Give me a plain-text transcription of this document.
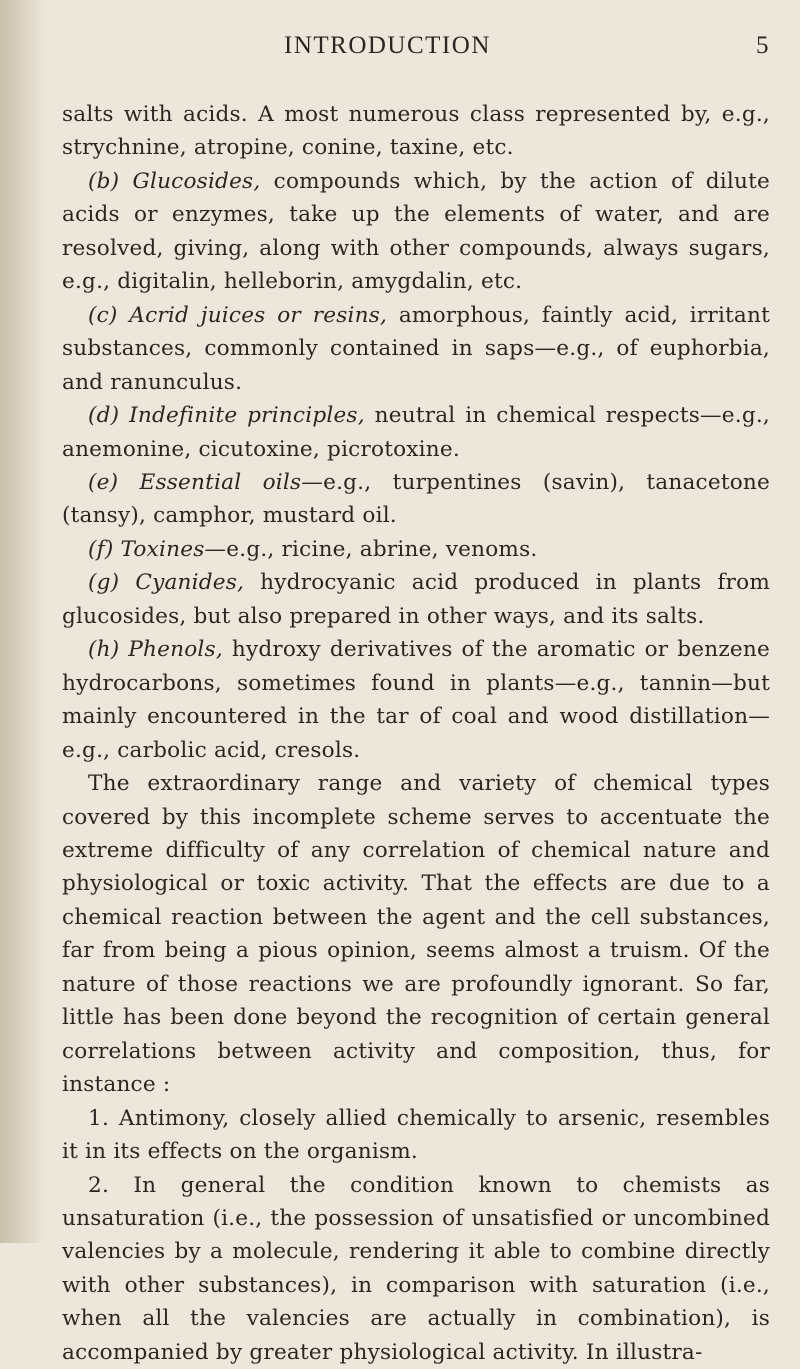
INTRODUCTION	5

salts with acids. A most numerous class represented by, e.g., strychnine, atropine, conine, taxine, etc.

(b) Glucosides, compounds which, by the action of dilute acids or enzymes, take up the elements of water, and are resolved, giving, along with other compounds, always sugars, e.g., digitalin, helleborin, amygdalin, etc.

(c) Acrid juices or resins, amorphous, faintly acid, irritant substances, commonly contained in saps—e.g., of euphorbia, and ranunculus.

(d) Indefinite principles, neutral in chemical respects—e.g., anemonine, cicutoxine, picrotoxine.

(e) Essential oils—e.g., turpentines (savin), tanacetone (tansy), camphor, mustard oil.

(f) Toxines—e.g., ricine, abrine, venoms.

(g) Cyanides, hydrocyanic acid produced in plants from glucosides, but also prepared in other ways, and its salts.

(h) Phenols, hydroxy derivatives of the aromatic or benzene hydrocarbons, sometimes found in plants—e.g., tannin—but mainly encountered in the tar of coal and wood distillation—e.g., carbolic acid, cresols.

The extraordinary range and variety of chemical types covered by this incomplete scheme serves to accentuate the extreme difficulty of any correlation of chemical nature and physiological or toxic activity. That the effects are due to a chemical reaction between the agent and the cell substances, far from being a pious opinion, seems almost a truism. Of the nature of those reactions we are profoundly ignorant. So far, little has been done beyond the recognition of certain general correlations between activity and composition, thus, for instance :

1. Antimony, closely allied chemically to arsenic, resembles it in its effects on the organism.

2. In general the condition known to chemists as unsaturation (i.e., the possession of unsatisfied or uncombined valencies by a molecule, rendering it able to combine directly with other substances), in comparison with saturation (i.e., when all the valencies are actually in combination), is accompanied by greater physiological activity. In illustra-
